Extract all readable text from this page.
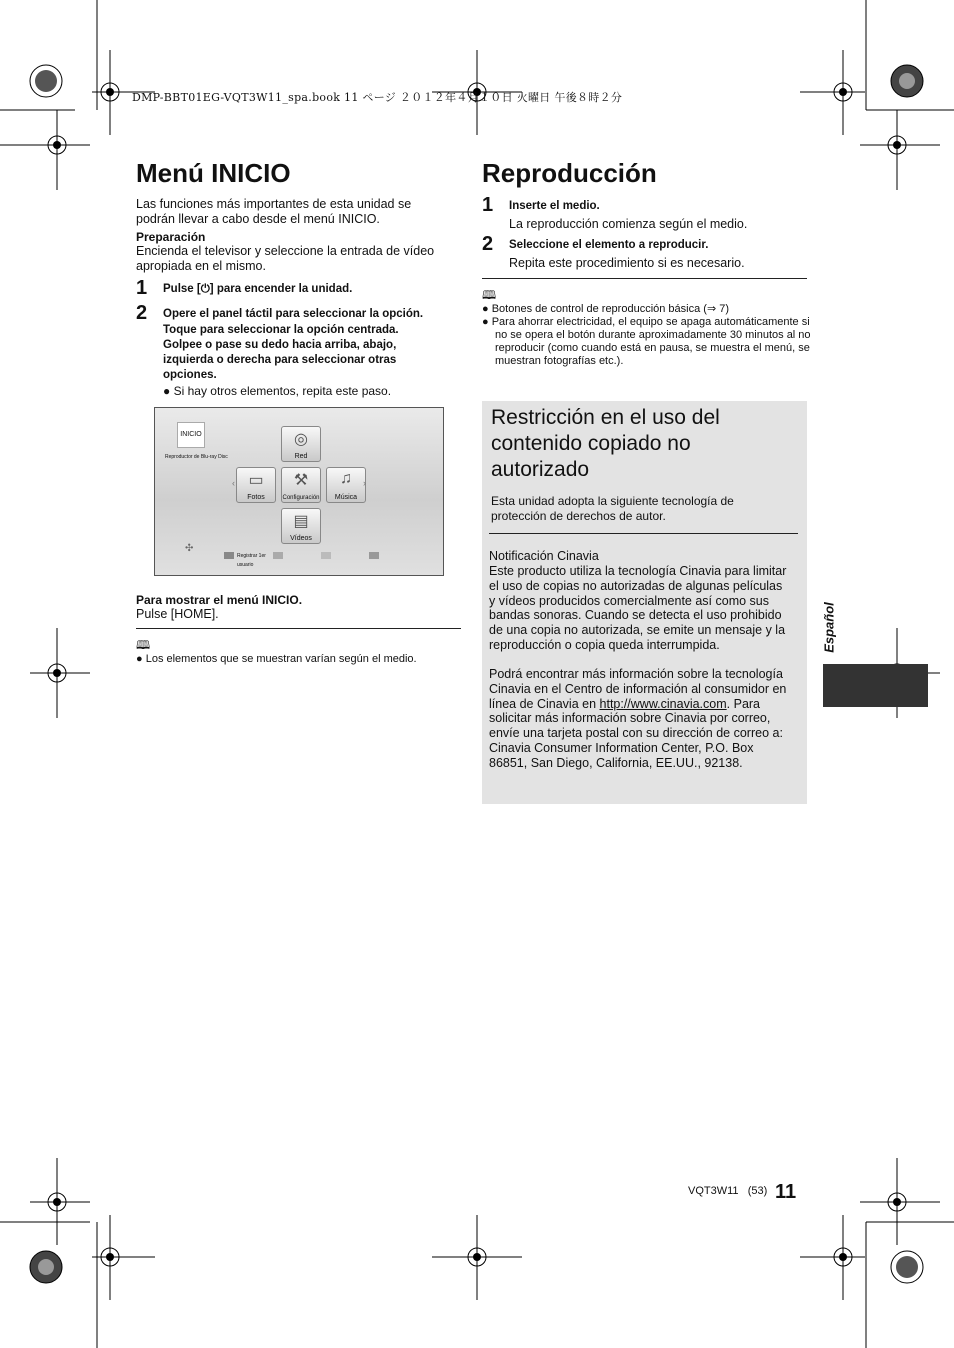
DMP-BBT01EG-VQT3W11_spa.book 11 ページ ２０１２年４月１０日 火曜日 午後８時２分
Menú INICIO

Las funciones más importantes de esta unidad se podrán llevar a cabo desde el menú INICIO.

Preparación

Encienda el televisor y seleccione la entrada de vídeo apropiada en el mismo.

1 Pulse [⏻] para encender la unidad.
2 Opere el panel táctil para seleccionar la opción.
Toque para seleccionar la opción centrada. Golpee o pase su dedo hacia arriba, abajo, izquierda o derecha para seleccionar otras opciones.
● Si hay otros elementos, repita este paso.
INICIO
Reproductor de Blu-ray Disc
◎
Red
▭
Fotos
⚒
Configuración
♫
Música
▤
Vídeos
‹	›
✣
Registrar 1er usuario

Para mostrar el menú INICIO.

Pulse [HOME].

🕮
● Los elementos que se muestran varían según el medio.
Reproducción
1 Inserte el medio.

La reproducción comienza según el medio.

2 Seleccione el elemento a reproducir.

Repita este procedimiento si es necesario.

🕮
● Botones de control de reproducción básica (⇒ 7)
● Para ahorrar electricidad, el equipo se apaga automáticamente si no se opera el botón durante aproximadamente 30 minutos al no reproducir (como cuando está en pausa, se muestra el menú, se muestran fotografías etc.).
Restricción en el uso del contenido copiado no autorizado

Esta unidad adopta la siguiente tecnología de protección de derechos de autor.

Notificación Cinavia

Este producto utiliza la tecnología Cinavia para limitar el uso de copias no autorizadas de algunas películas y vídeos producidos comercialmente así como sus bandas sonoras. Cuando se detecta el uso prohibido de una copia no autorizada, se emite un mensaje y la reproducción o copia queda interrumpida.

Podrá encontrar más información sobre la tecnología Cinavia en el Centro de información al consumidor en línea de Cinavia en http://www.cinavia.com. Para solicitar más información sobre Cinavia por correo, envíe una tarjeta postal con su dirección de correo a: Cinavia Consumer Information Center, P.O. Box 86851, San Diego, California, EE.UU., 92138.

Español
VQT3W11 (53) 11
